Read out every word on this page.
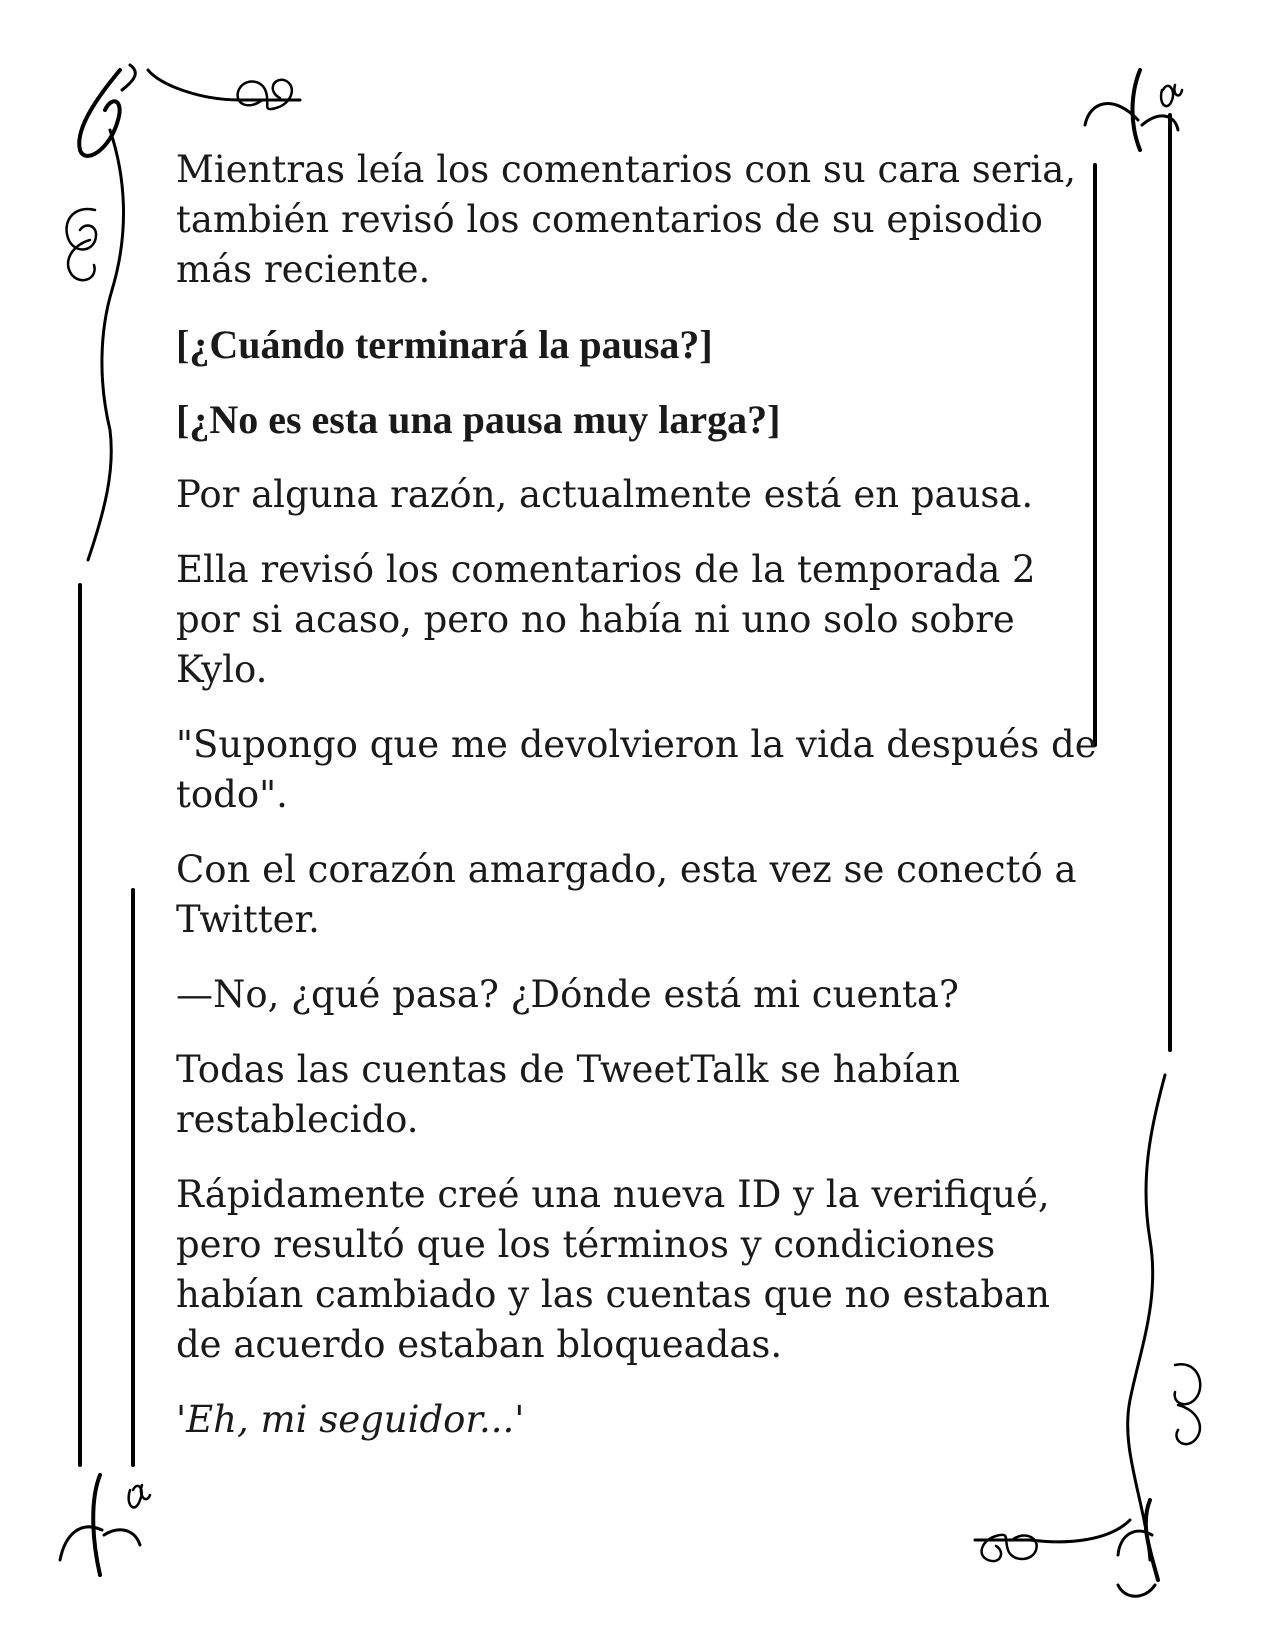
Mientras leía los comentarios con su cara seria, también revisó los comentarios de su episodio más reciente.

[¿Cuándo terminará la pausa?]

[¿No es esta una pausa muy larga?]

Por alguna razón, actualmente está en pausa.

Ella revisó los comentarios de la temporada 2 por si acaso, pero no había ni uno solo sobre Kylo.

"Supongo que me devolvieron la vida después de todo".

Con el corazón amargado, esta vez se conectó a Twitter.

—No, ¿qué pasa? ¿Dónde está mi cuenta?

Todas las cuentas de TweetTalk se habían restablecido.

Rápidamente creé una nueva ID y la verifiqué, pero resultó que los términos y condiciones habían cambiado y las cuentas que no estaban de acuerdo estaban bloqueadas.

'Eh, mi seguidor...'
